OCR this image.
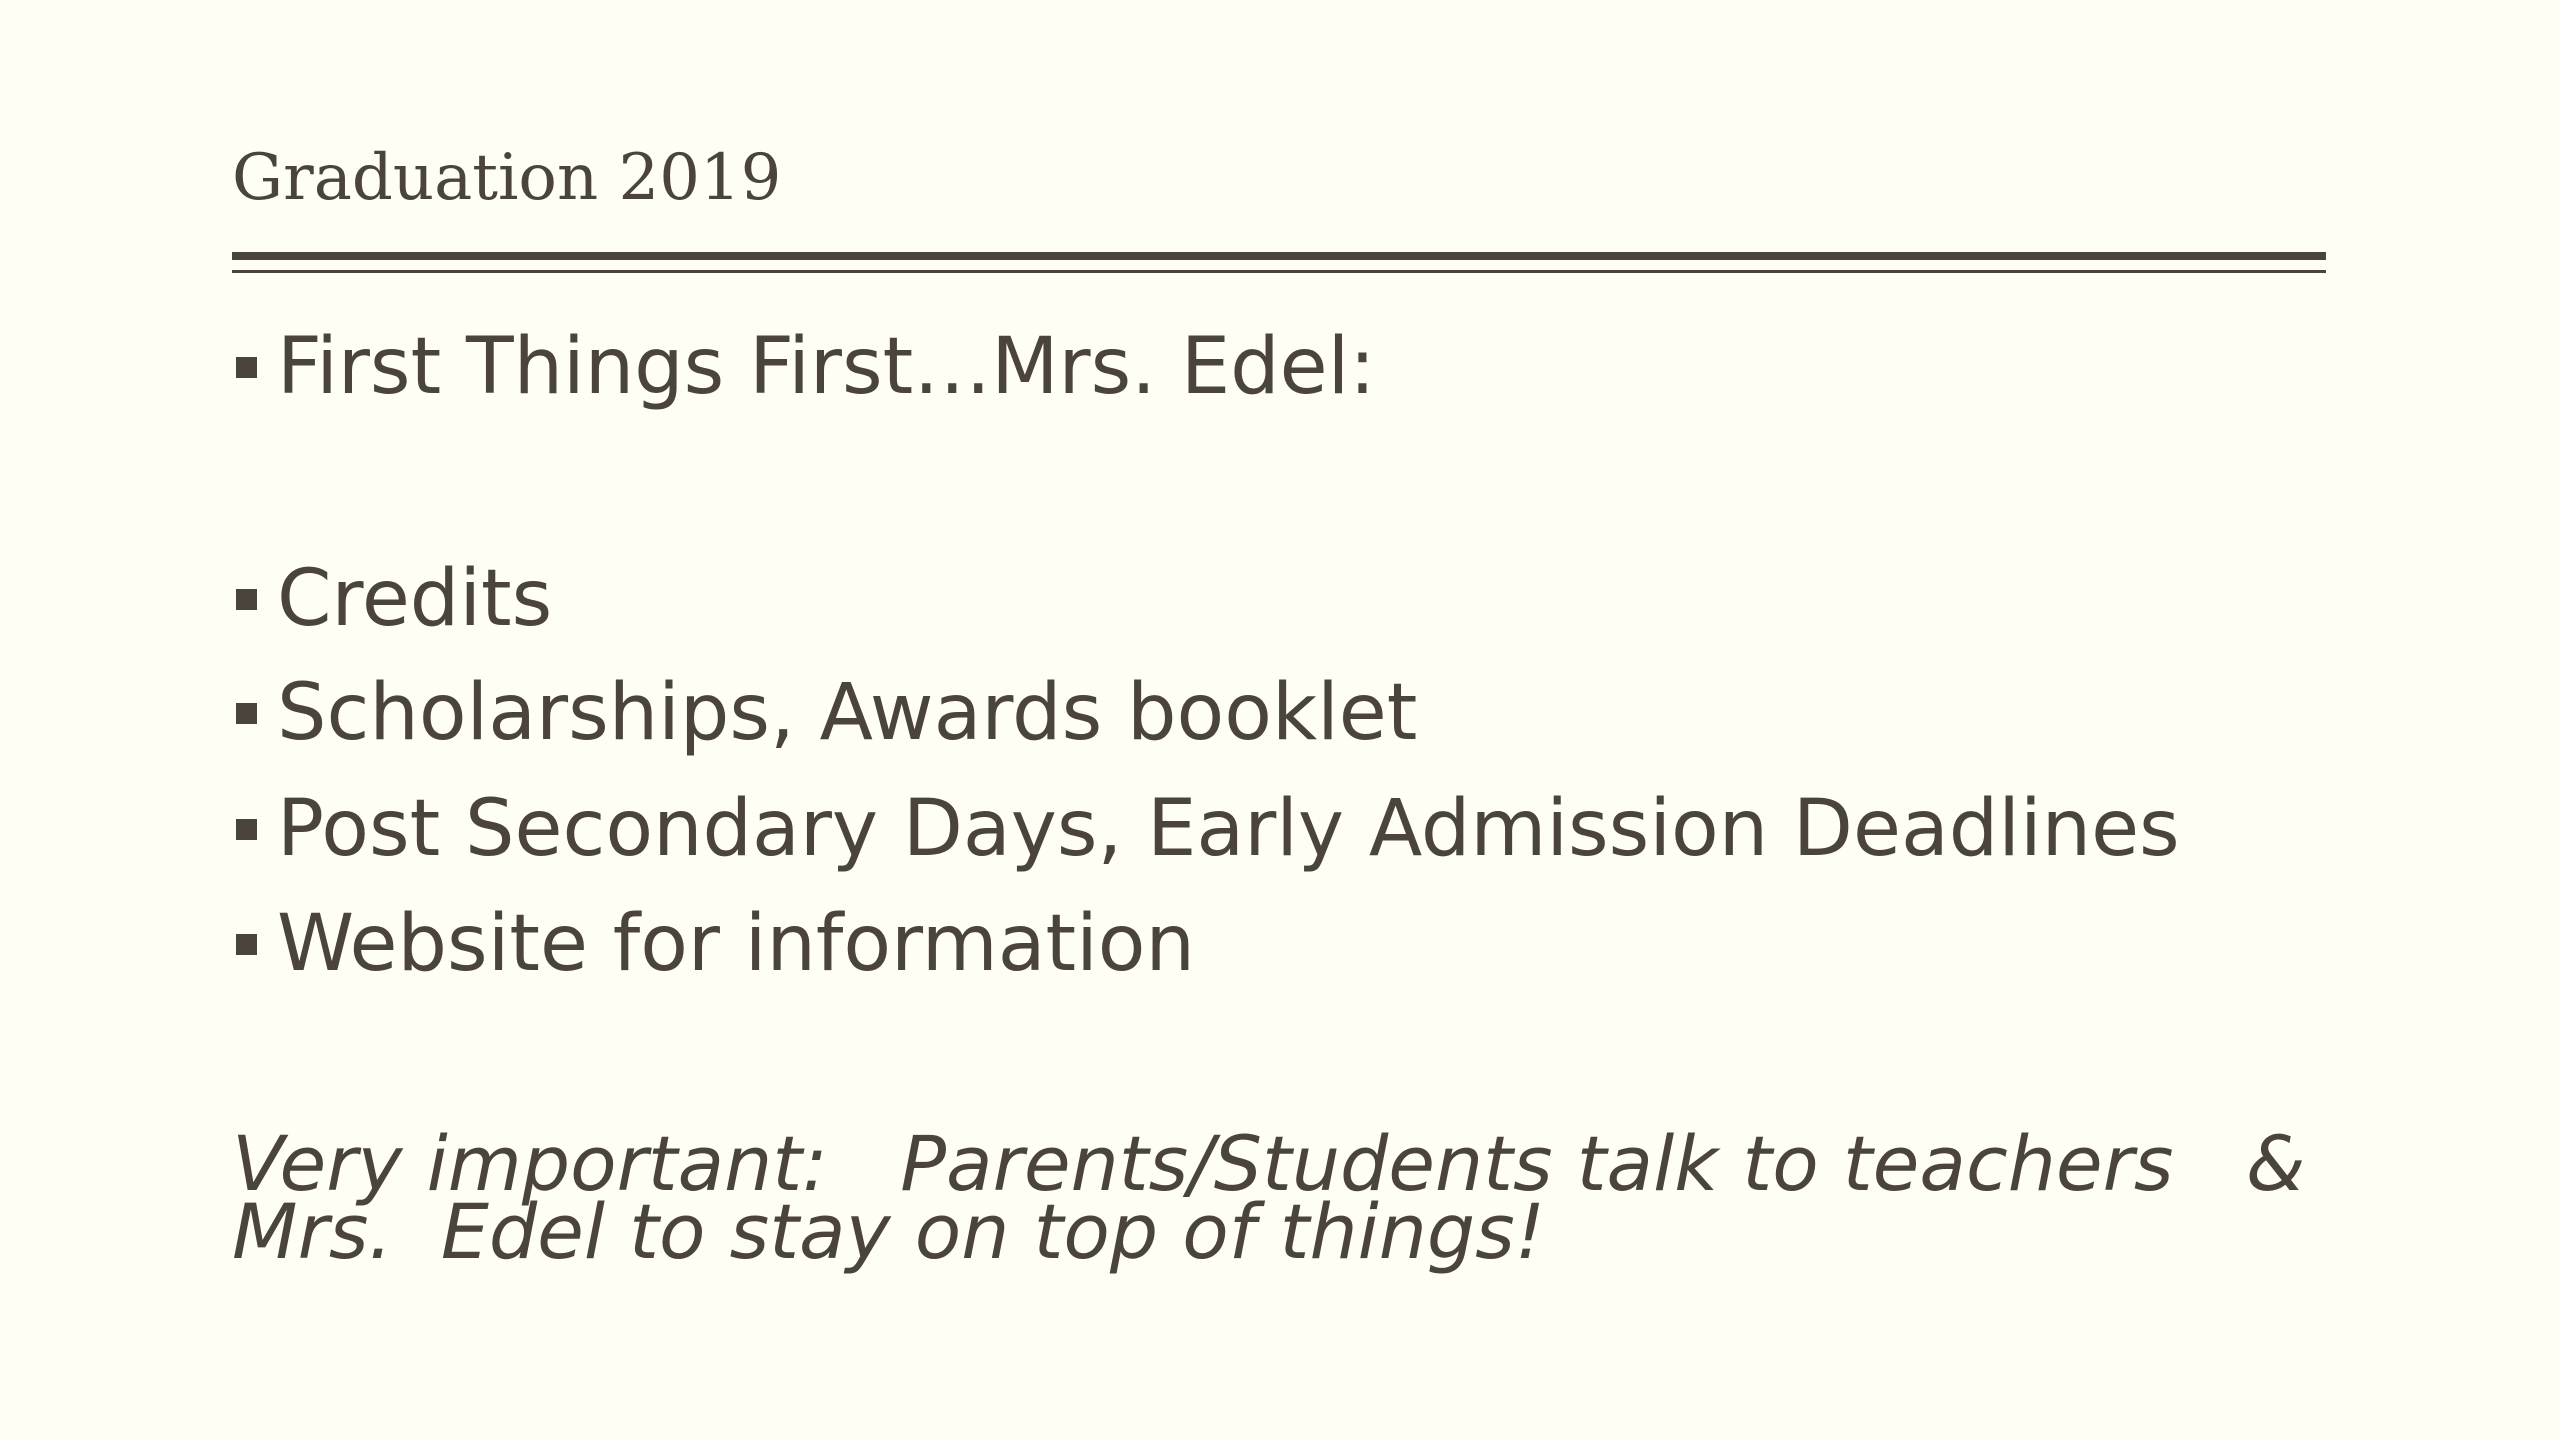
Graduation 2019
First Things First…Mrs. Edel:
Credits
Scholarships, Awards booklet
Post Secondary Days, Early Admission Deadlines
Website for information
Very important:   Parents/Students talk to teachers   &
Mrs.  Edel to stay on top of things!
